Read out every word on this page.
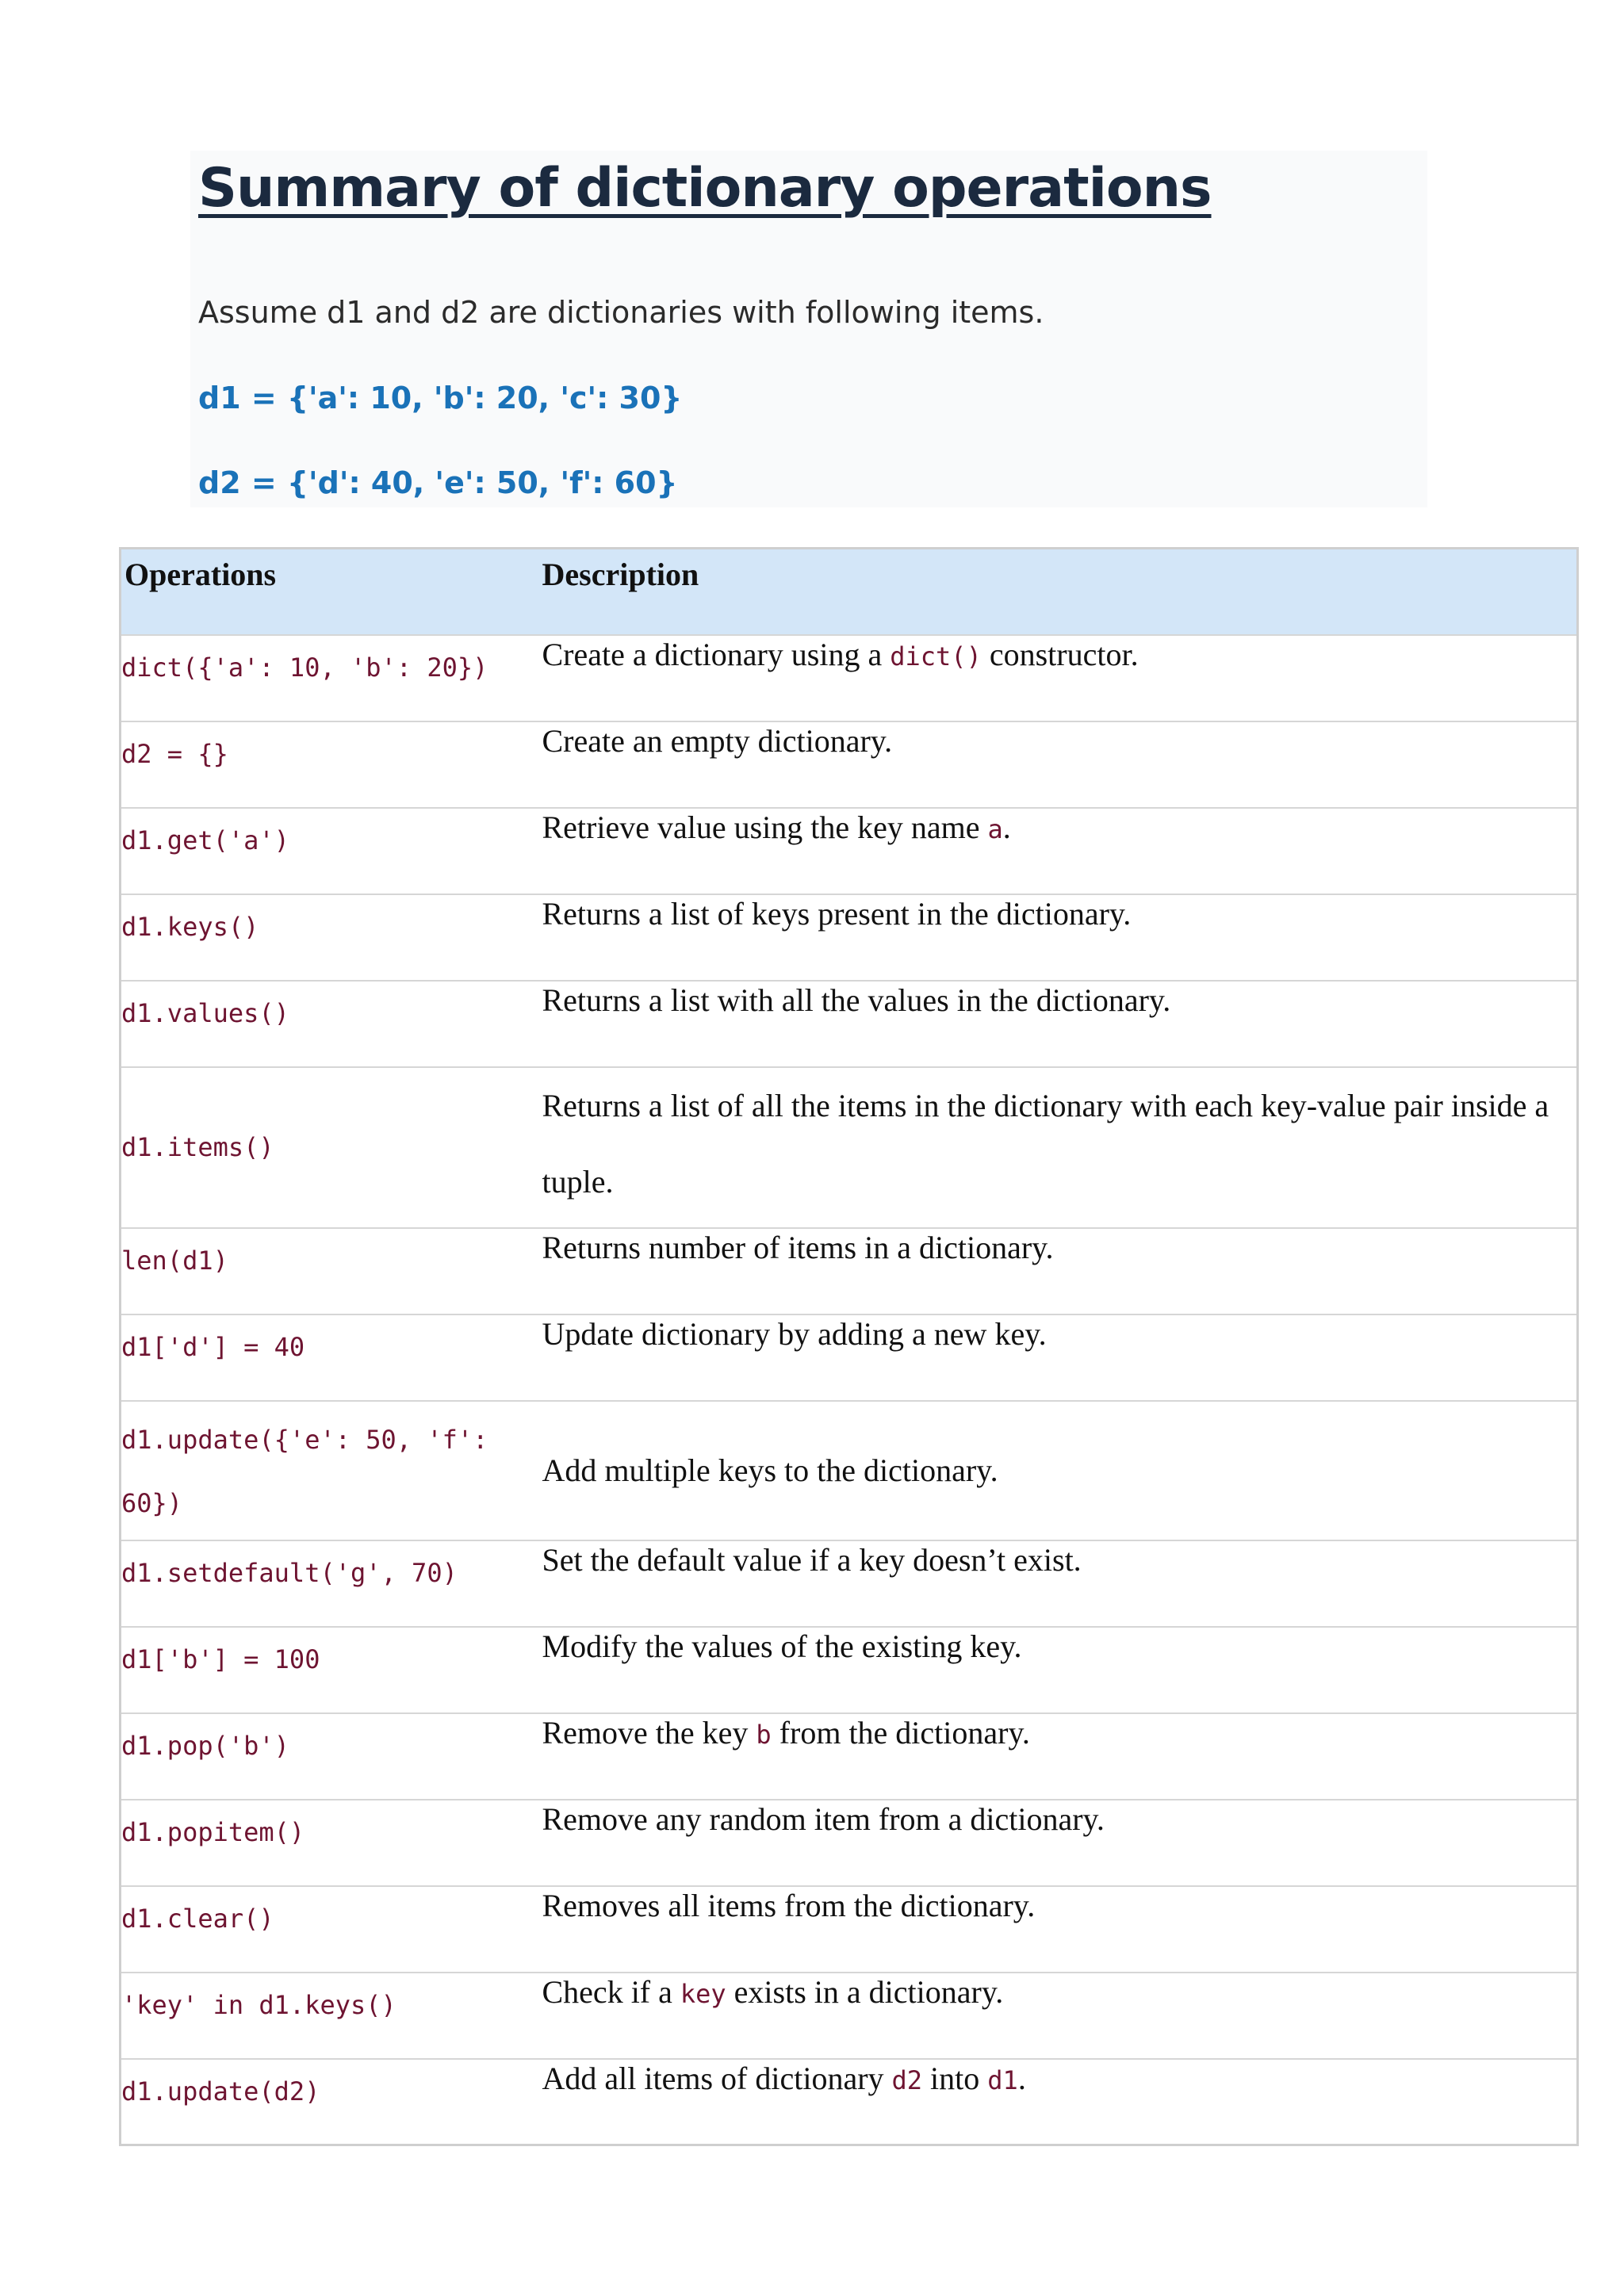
Summary of dictionary operations

Assume d1 and d2 are dictionaries with following items.

d1 = {'a': 10, 'b': 20, 'c': 30}

d2 = {'d': 40, 'e': 50, 'f': 60}

Operations	Description
dict({'a': 10, 'b': 20})	Create a dictionary using a dict() constructor.
d2 = {}	Create an empty dictionary.
d1.get('a')	Retrieve value using the key name a.
d1.keys()	Returns a list of keys present in the dictionary.
d1.values()	Returns a list with all the values in the dictionary.
d1.items()	Returns a list of all the items in the dictionary with each key-value pair inside a tuple.
len(d1)	Returns number of items in a dictionary.
d1['d'] = 40	Update dictionary by adding a new key.
d1.update({'e': 50, 'f': 60})	Add multiple keys to the dictionary.
d1.setdefault('g', 70)	Set the default value if a key doesn’t exist.
d1['b'] = 100	Modify the values of the existing key.
d1.pop('b')	Remove the key b from the dictionary.
d1.popitem()	Remove any random item from a dictionary.
d1.clear()	Removes all items from the dictionary.
'key' in d1.keys()	Check if a key exists in a dictionary.
d1.update(d2)	Add all items of dictionary d2 into d1.
